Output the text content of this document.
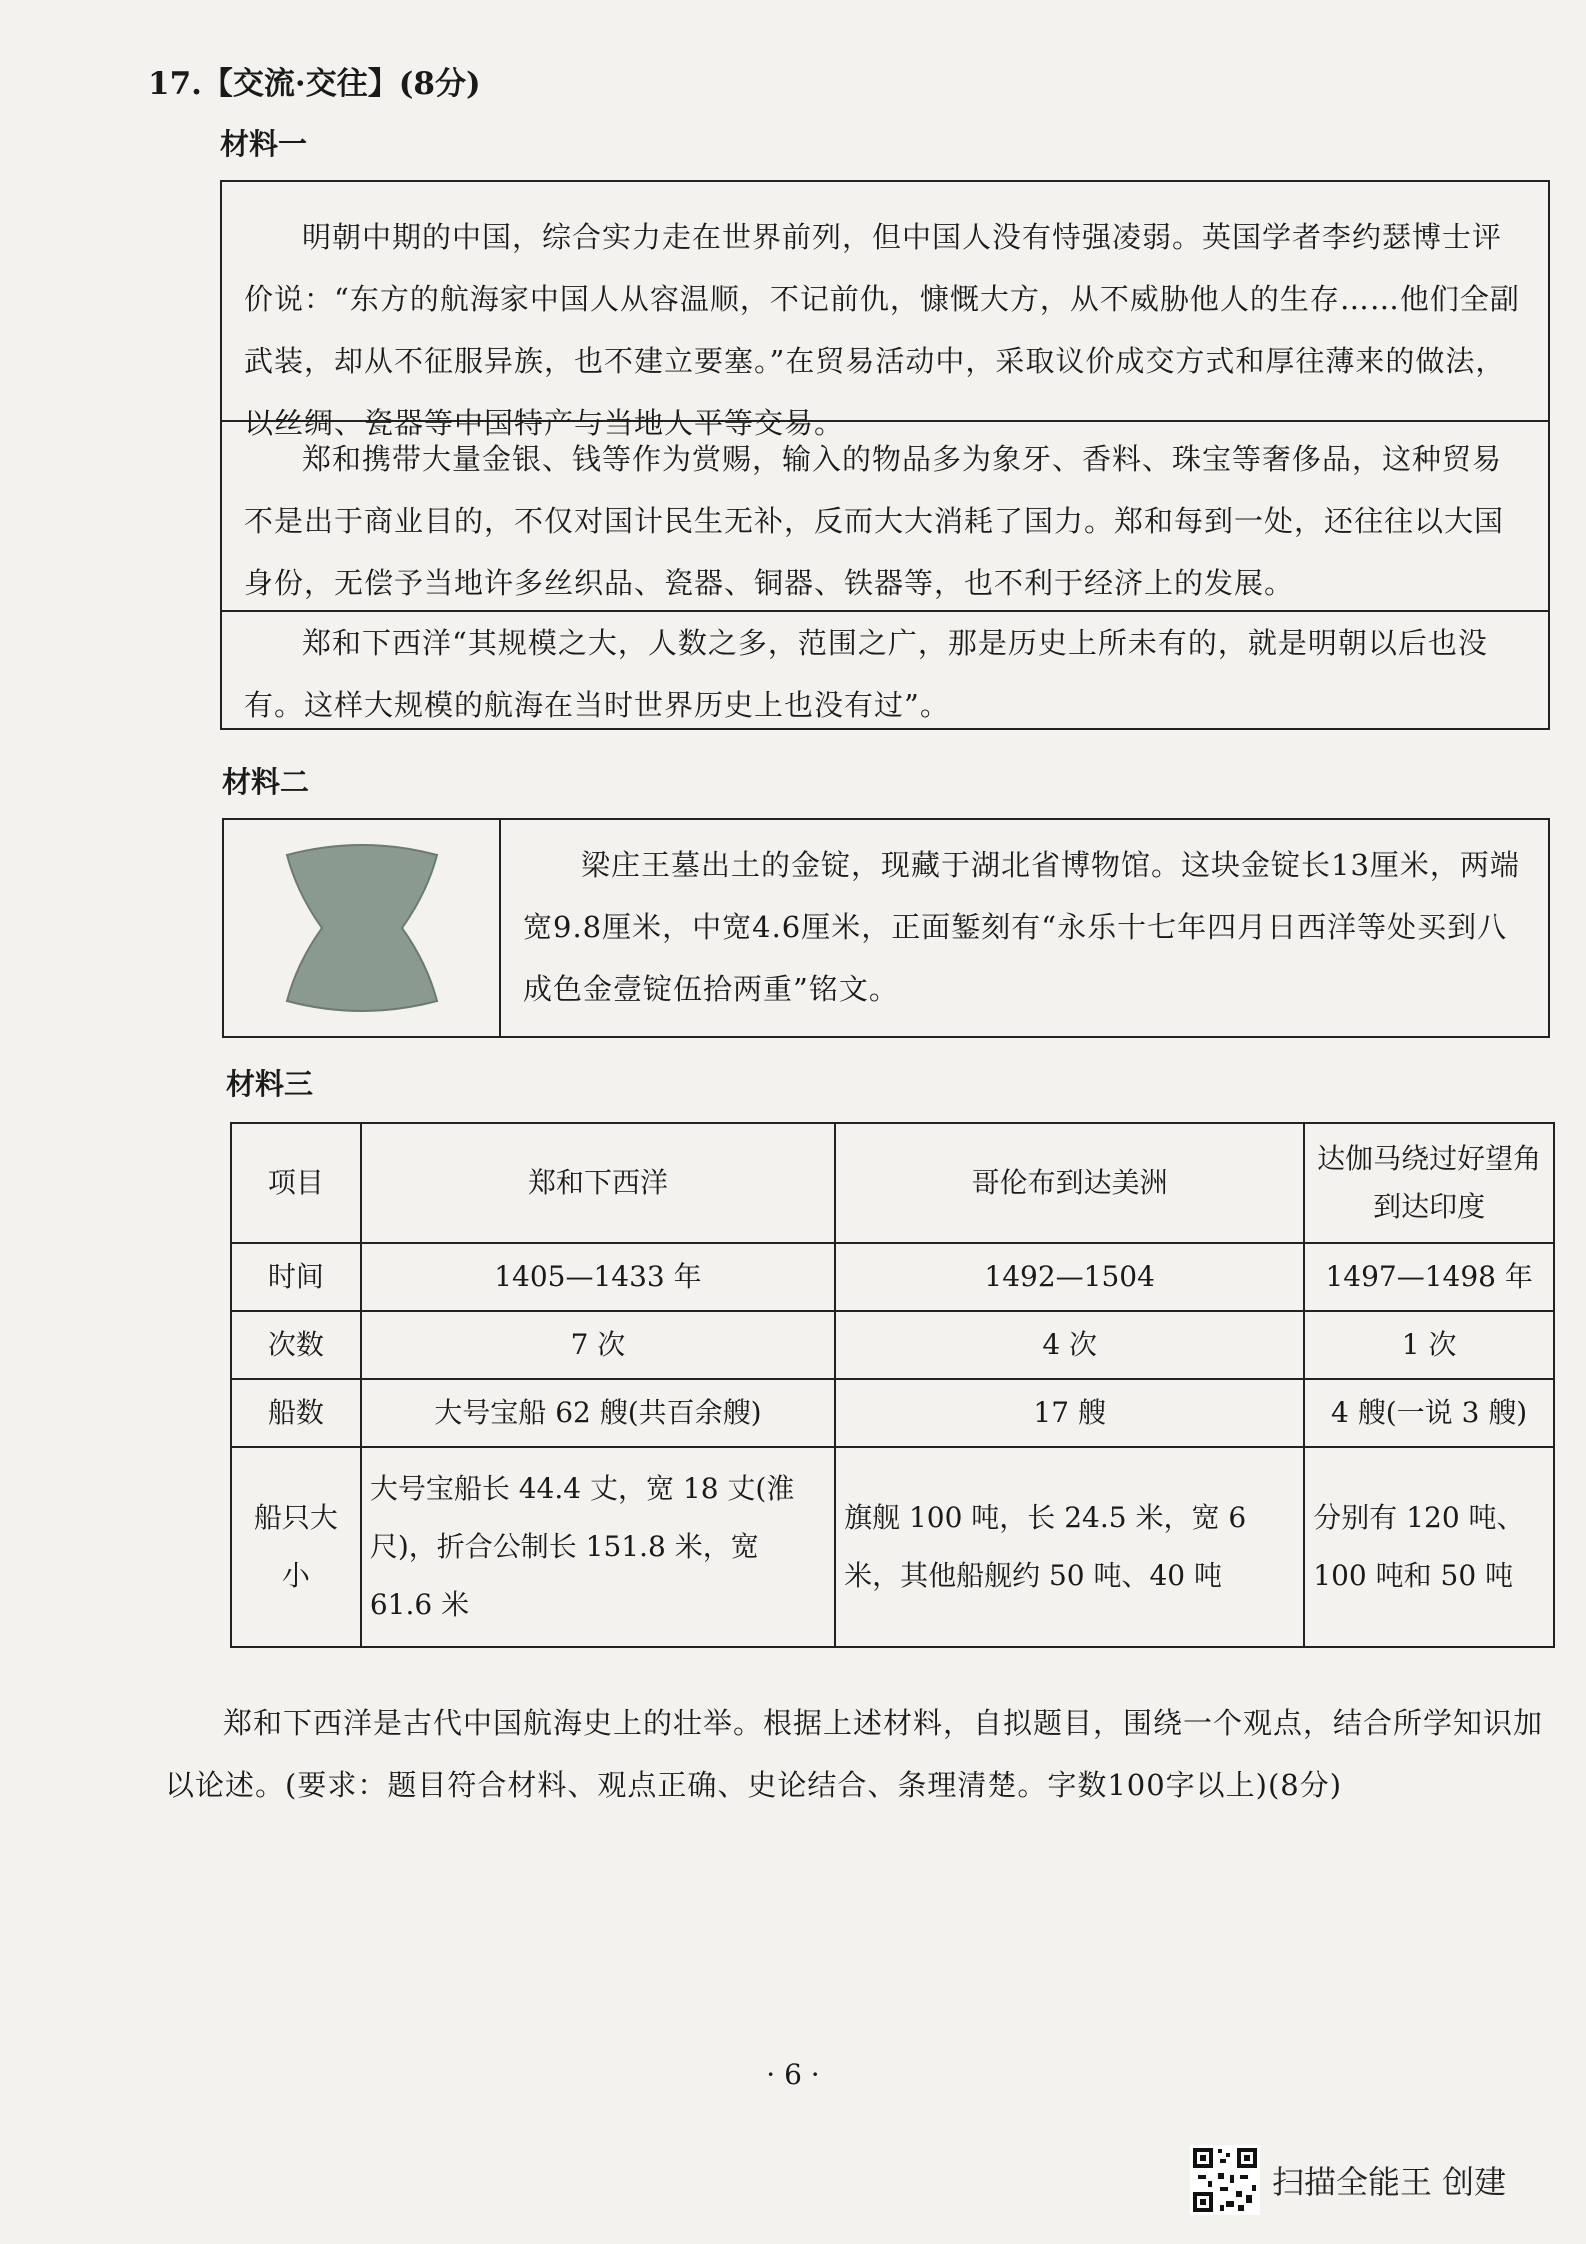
17.【交流·交往】(8分)
材料一

明朝中期的中国，综合实力走在世界前列，但中国人没有恃强凌弱。英国学者李约瑟博士评价说：“东方的航海家中国人从容温顺，不记前仇，慷慨大方，从不威胁他人的生存……他们全副武装，却从不征服异族，也不建立要塞。”在贸易活动中，采取议价成交方式和厚往薄来的做法，以丝绸、瓷器等中国特产与当地人平等交易。

郑和携带大量金银、钱等作为赏赐，输入的物品多为象牙、香料、珠宝等奢侈品，这种贸易不是出于商业目的，不仅对国计民生无补，反而大大消耗了国力。郑和每到一处，还往往以大国身份，无偿予当地许多丝织品、瓷器、铜器、铁器等，也不利于经济上的发展。

郑和下西洋“其规模之大，人数之多，范围之广，那是历史上所未有的，就是明朝以后也没有。这样大规模的航海在当时世界历史上也没有过”。

材料二

梁庄王墓出土的金锭，现藏于湖北省博物馆。这块金锭长13厘米，两端宽9.8厘米，中宽4.6厘米，正面錾刻有“永乐十七年四月日西洋等处买到八成色金壹锭伍拾两重”铭文。

材料三
项目	郑和下西洋	哥伦布到达美洲	达伽马绕过好望角到达印度
时间	1405—1433 年	1492—1504	1497—1498 年
次数	7 次	4 次	1 次
船数	大号宝船 62 艘(共百余艘)	17 艘	4 艘(一说 3 艘)
船只大小	大号宝船长 44.4 丈，宽 18 丈(淮尺)，折合公制长 151.8 米，宽 61.6 米	旗舰 100 吨，长 24.5 米，宽 6 米，其他船舰约 50 吨、40 吨	分别有 120 吨、100 吨和 50 吨

郑和下西洋是古代中国航海史上的壮举。根据上述材料，自拟题目，围绕一个观点，结合所学知识加以论述。(要求：题目符合材料、观点正确、史论结合、条理清楚。字数100字以上)(8分)

· 6 ·
扫描全能王 创建
